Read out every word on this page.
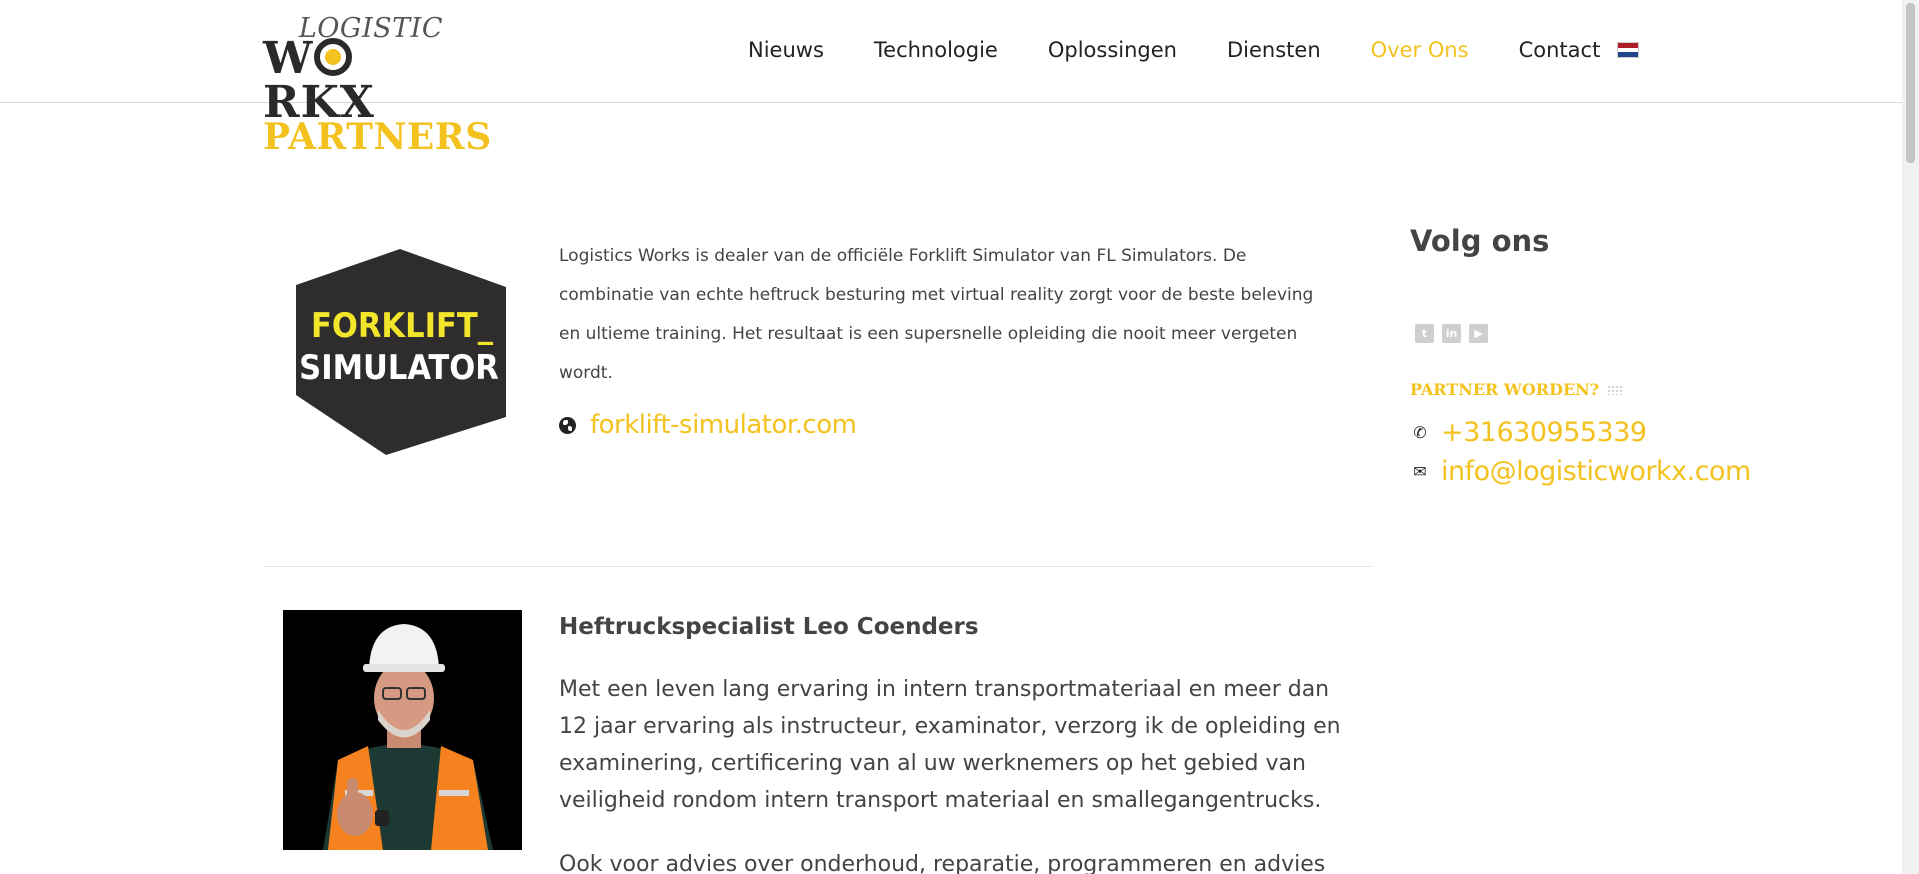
LOGISTIC
WRKX
Nieuws Technologie Oplossingen Diensten Over Ons Contact
PARTNERS
FORKLIFT_
SIMULATOR

Logistics Works is dealer van de officiële Forklift Simulator van FL Simulators. De combinatie van echte heftruck besturing met virtual reality zorgt voor de beste beleving en ultieme training. Het resultaat is een supersnelle opleiding die nooit meer vergeten wordt.

forklift-simulator.com
Heftruckspecialist Leo Coenders

Met een leven lang ervaring in intern transportmateriaal en meer dan 12 jaar ervaring als instructeur, examinator, verzorg ik de opleiding en examinering, certificering van al uw werknemers op het gebied van veiligheid rondom intern transport materiaal en smallegangentrucks.

Ook voor advies over onderhoud, reparatie, programmeren en advies

Volg ons
t	in	▶
PARTNER WORDEN?
✆ +31630955339
✉ info@logisticworkx.com
